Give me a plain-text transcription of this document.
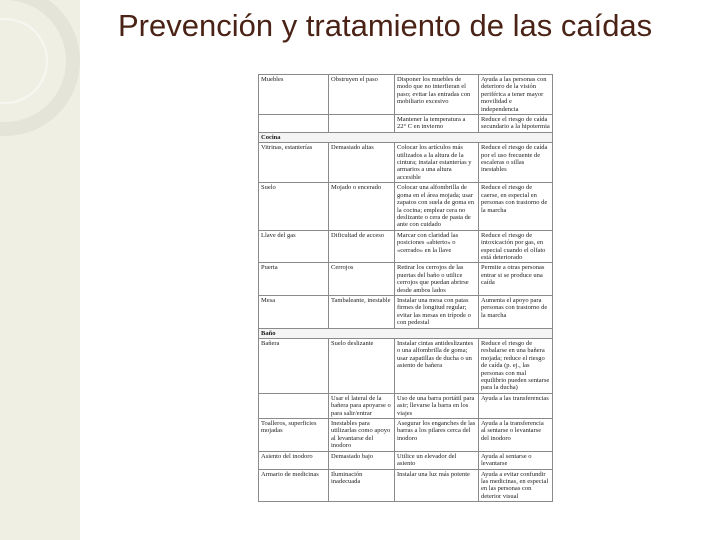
Prevención y tratamiento de las caídas
Muebles	Obstruyen el paso	Disponer los muebles de modo que no interfieran el paso; evitar las entradas con mobiliario excesivo	Ayuda a las personas con deterioro de la visión periférica a tener mayor movilidad e independencia
		Mantener la temperatura a 22° C en invierno	Reduce el riesgo de caída secundario a la hipotermia
Cocina			
Vitrinas, estanterías	Demasiado altas	Colocar los artículos más utilizados a la altura de la cintura; instalar estanterías y armarios a una altura accesible	Reduce el riesgo de caída por el uso frecuente de escaleras o sillas inestables
Suelo	Mojado o encerado	Colocar una alfombrilla de goma en el área mojada; usar zapatos con suela de goma en la cocina; emplear cera no deslizante o cera de pasta de ante con cuidado	Reduce el riesgo de caerse, en especial en personas con trastorno de la marcha
Llave del gas	Dificultad de acceso	Marcar con claridad las posiciones «abierto» o «cerrado» en la llave	Reduce el riesgo de intoxicación por gas, en especial cuando el olfato está deteriorado
Puerta	Cerrojos	Retirar los cerrojos de las puertas del baño o utilice cerrojos que puedan abrirse desde ambos lados	Permite a otras personas entrar si se produce una caída
Mesa	Tambaleante, inestable	Instalar una mesa con patas firmes de longitud regular; evitar las mesas en trípode o con pedestal	Aumenta el apoyo para personas con trastorno de la marcha
Baño			
Bañera	Suelo deslizante	Instalar cintas antideslizantes o una alfombrilla de goma; usar zapatillas de ducha o un asiento de bañera	Reduce el riesgo de resbalarse en una bañera mojada; reduce el riesgo de caída (p. ej., las personas con mal equilibrio pueden sentarse para la ducha)
	Usar el lateral de la bañera para apoyarse o para salir/entrar	Uso de una barra portátil para asir; llevarse la barra en los viajes	Ayuda a las transferencias
Toalleros, superficies mojadas	Inestables para utilizarlas como apoyo al levantarse del inodoro	Asegurar los enganches de las barras a los pilares cerca del inodoro	Ayuda a la transferencia al sentarse o levantarse del inodoro
Asiento del inodoro	Demasiado bajo	Utilice un elevador del asiento	Ayuda al sentarse o levantarse
Armario de medicinas	Iluminación inadecuada	Instalar una luz más potente	Ayuda a evitar confundir las medicinas, en especial en las personas con deterior visual
